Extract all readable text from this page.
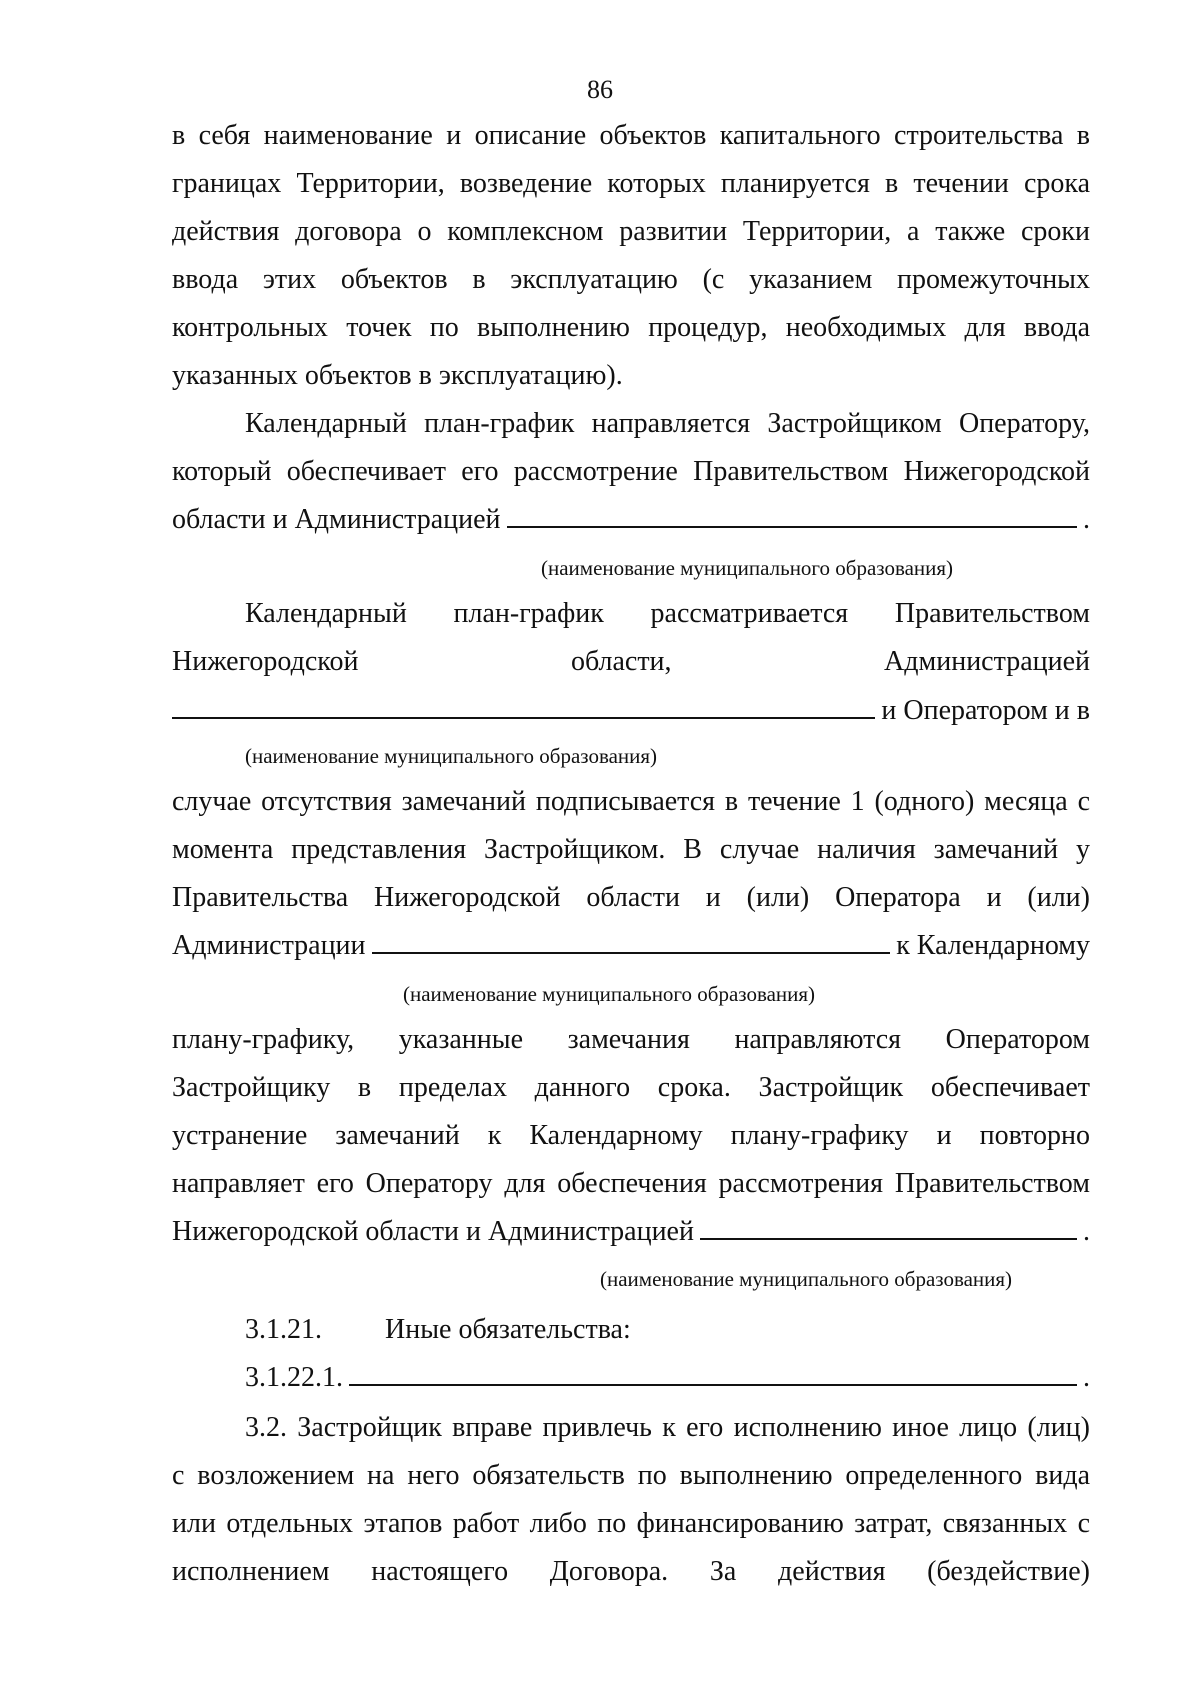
86
в себя наименование и описание объектов капитального строительства в
границах Территории, возведение которых планируется в течении срока
действия договора о комплексном развитии Территории, а также сроки
ввода этих объектов в эксплуатацию (с указанием промежуточных
контрольных точек по выполнению процедур, необходимых для ввода
указанных объектов в эксплуатацию).
Календарный план-график направляется Застройщиком Оператору,
который обеспечивает его рассмотрение Правительством Нижегородской
области и Администрацией	.
(наименование муниципального образования)
Календарный план-график рассматривается Правительством
Нижегородской	области,	Администрацией
и Оператором и в
(наименование муниципального образования)
случае отсутствия замечаний подписывается в течение 1 (одного) месяца с
момента представления Застройщиком. В случае наличия замечаний у
Правительства Нижегородской области и (или) Оператора и (или)
Администрации	к Календарному
(наименование муниципального образования)
плану-графику, указанные замечания направляются Оператором
Застройщику в пределах данного срока. Застройщик обеспечивает
устранение замечаний к Календарному плану-графику и повторно
направляет его Оператору для обеспечения рассмотрения Правительством
Нижегородской области и Администрацией	.
(наименование муниципального образования)
3.1.21. Иные обязательства:
3.1.22.1.	.
3.2. Застройщик вправе привлечь к его исполнению иное лицо (лиц)
с возложением на него обязательств по выполнению определенного вида
или отдельных этапов работ либо по финансированию затрат, связанных с
исполнением настоящего Договора. За действия (бездействие)
